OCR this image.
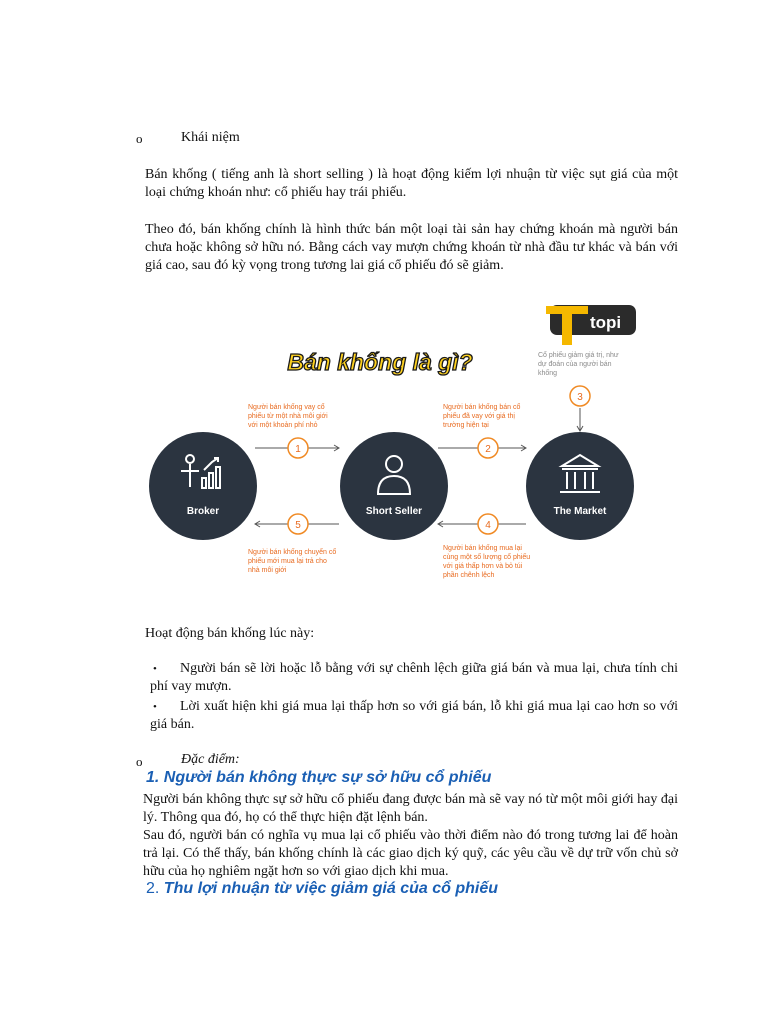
o	Khái niệm
Bán khống ( tiếng anh là short selling ) là hoạt động kiếm lợi nhuận từ việc sụt giá của một loại chứng khoán như: cổ phiếu hay trái phiếu.
Theo đó, bán khống chính là hình thức bán một loại tài sản hay chứng khoán mà người bán chưa hoặc không sở hữu nó. Bằng cách vay mượn chứng khoán từ nhà đầu tư khác và bán với giá cao, sau đó kỳ vọng trong tương lai giá cổ phiếu đó sẽ giảm.
topi
Bán khống là gì?
Broker	Short Seller	The Market
1	2
3
4
5
Người bán khống vay cổ phiếu từ một nhà môi giới với một khoản phí nhỏ
Người bán khống bán cổ phiếu đã vay với giá thị trường hiện tại
Cổ phiếu giảm giá trị, như dự đoán của người bán khống
Người bán khống mua lại cùng một số lượng cổ phiếu với giá thấp hơn và bỏ túi phần chênh lệch
Người bán khống chuyển cổ phiếu mới mua lại trả cho nhà môi giới
Hoạt động bán khống lúc này:
•	Người bán sẽ lời hoặc lỗ bằng với sự chênh lệch giữa giá bán và mua lại, chưa tính chi phí vay mượn.
•	Lời xuất hiện khi giá mua lại thấp hơn so với giá bán, lỗ khi giá mua lại cao hơn so với giá bán.
o	Đặc điểm:
1. Người bán không thực sự sở hữu cổ phiếu
Người bán không thực sự sở hữu cổ phiếu đang được bán mà sẽ vay nó từ một môi giới hay đại lý. Thông qua đó, họ có thể thực hiện đặt lệnh bán.
Sau đó, người bán có nghĩa vụ mua lại cổ phiếu vào thời điểm nào đó trong tương lai để hoàn trả lại. Có thể thấy, bán khống chính là các giao dịch ký quỹ, các yêu cầu về dự trữ vốn chủ sở hữu của họ nghiêm ngặt hơn so với giao dịch khi mua.
2. Thu lợi nhuận từ việc giảm giá của cổ phiếu
